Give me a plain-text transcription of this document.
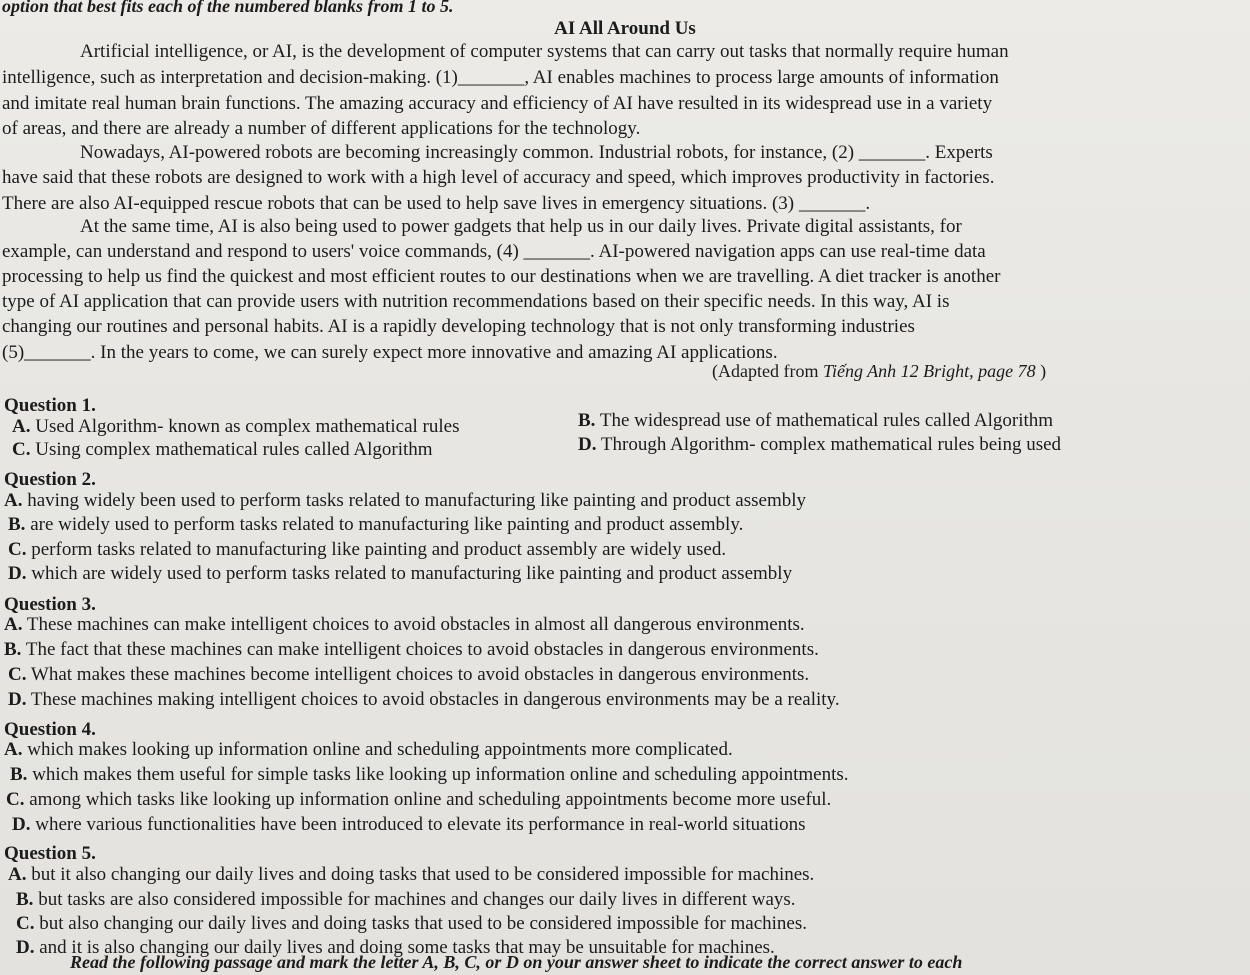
option that best fits each of the numbered blanks from 1 to 5.
AI All Around Us
Artificial intelligence, or AI, is the development of computer systems that can carry out tasks that normally require human
intelligence, such as interpretation and decision-making. (1)_______, AI enables machines to process large amounts of information
and imitate real human brain functions. The amazing accuracy and efficiency of AI have resulted in its widespread use in a variety
of areas, and there are already a number of different applications for the technology.
Nowadays, AI-powered robots are becoming increasingly common. Industrial robots, for instance, (2) _______. Experts
have said that these robots are designed to work with a high level of accuracy and speed, which improves productivity in factories.
There are also AI-equipped rescue robots that can be used to help save lives in emergency situations. (3) _______.
At the same time, AI is also being used to power gadgets that help us in our daily lives. Private digital assistants, for
example, can understand and respond to users' voice commands, (4) _______. AI-powered navigation apps can use real-time data
processing to help us find the quickest and most efficient routes to our destinations when we are travelling. A diet tracker is another
type of AI application that can provide users with nutrition recommendations based on their specific needs. In this way, AI is
changing our routines and personal habits. AI is a rapidly developing technology that is not only transforming industries
(5)_______. In the years to come, we can surely expect more innovative and amazing AI applications.
(Adapted from Tiếng Anh 12 Bright, page 78 )
Question 1.
A. Used Algorithm- known as complex mathematical rules	B. The widespread use of mathematical rules called Algorithm
C. Using complex mathematical rules called Algorithm	D. Through Algorithm- complex mathematical rules being used
Question 2.
A. having widely been used to perform tasks related to manufacturing like painting and product assembly
B. are widely used to perform tasks related to manufacturing like painting and product assembly.
C. perform tasks related to manufacturing like painting and product assembly are widely used.
D. which are widely used to perform tasks related to manufacturing like painting and product assembly
Question 3.
A. These machines can make intelligent choices to avoid obstacles in almost all dangerous environments.
B. The fact that these machines can make intelligent choices to avoid obstacles in dangerous environments.
C. What makes these machines become intelligent choices to avoid obstacles in dangerous environments.
D. These machines making intelligent choices to avoid obstacles in dangerous environments may be a reality.
Question 4.
A. which makes looking up information online and scheduling appointments more complicated.
B. which makes them useful for simple tasks like looking up information online and scheduling appointments.
C. among which tasks like looking up information online and scheduling appointments become more useful.
D. where various functionalities have been introduced to elevate its performance in real-world situations
Question 5.
A. but it also changing our daily lives and doing tasks that used to be considered impossible for machines.
B. but tasks are also considered impossible for machines and changes our daily lives in different ways.
C. but also changing our daily lives and doing tasks that used to be considered impossible for machines.
D. and it is also changing our daily lives and doing some tasks that may be unsuitable for machines.
Read the following passage and mark the letter A, B, C, or D on your answer sheet to indicate the correct answer to each
